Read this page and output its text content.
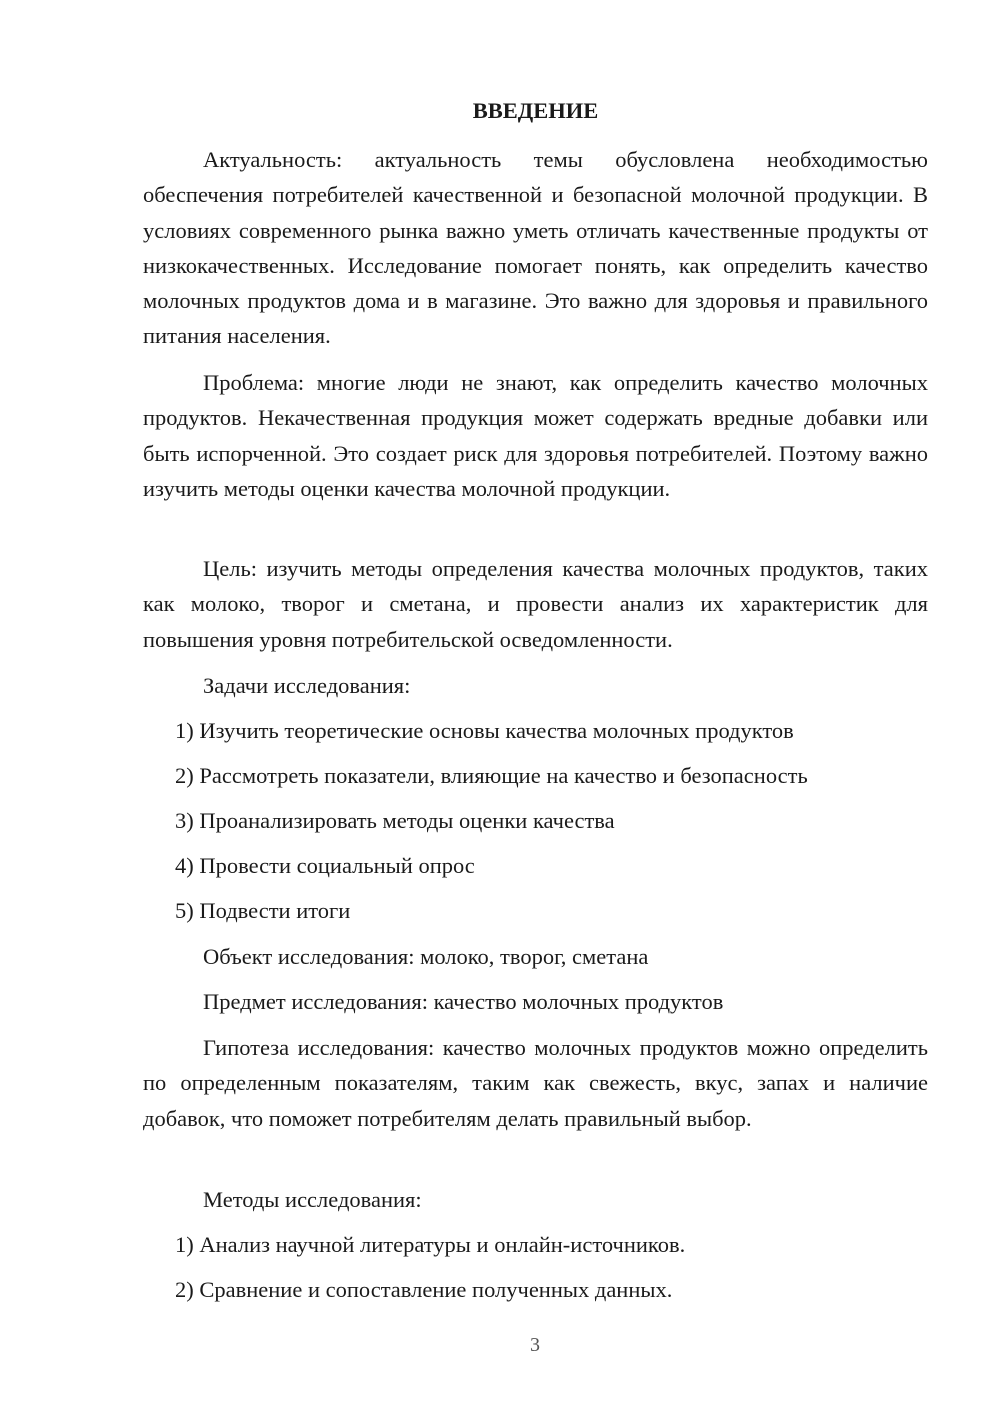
ВВЕДЕНИЕ

Актуальность: актуальность темы обусловлена необходимостью обеспечения потребителей качественной и безопасной молочной продукции. В условиях современного рынка важно уметь отличать качественные продукты от низкокачественных. Исследование помогает понять, как определить качество молочных продуктов дома и в магазине. Это важно для здоровья и правильного питания населения.

Проблема: многие люди не знают, как определить качество молочных продуктов. Некачественная продукция может содержать вредные добавки или быть испорченной. Это создает риск для здоровья потребителей. Поэтому важно изучить методы оценки качества молочной продукции.

Цель: изучить методы определения качества молочных продуктов, таких как молоко, творог и сметана, и провести анализ их характеристик для повышения уровня потребительской осведомленности.

Задачи исследования:

1) Изучить теоретические основы качества молочных продуктов

2) Рассмотреть показатели, влияющие на качество и безопасность

3) Проанализировать методы оценки качества

4) Провести социальный опрос

5) Подвести итоги

Объект исследования: молоко, творог, сметана

Предмет исследования: качество молочных продуктов

Гипотеза исследования: качество молочных продуктов можно определить по определенным показателям, таким как свежесть, вкус, запах и наличие добавок, что поможет потребителям делать правильный выбор.

Методы исследования:

1) Анализ научной литературы и онлайн-источников.

2) Сравнение и сопоставление полученных данных.

3
